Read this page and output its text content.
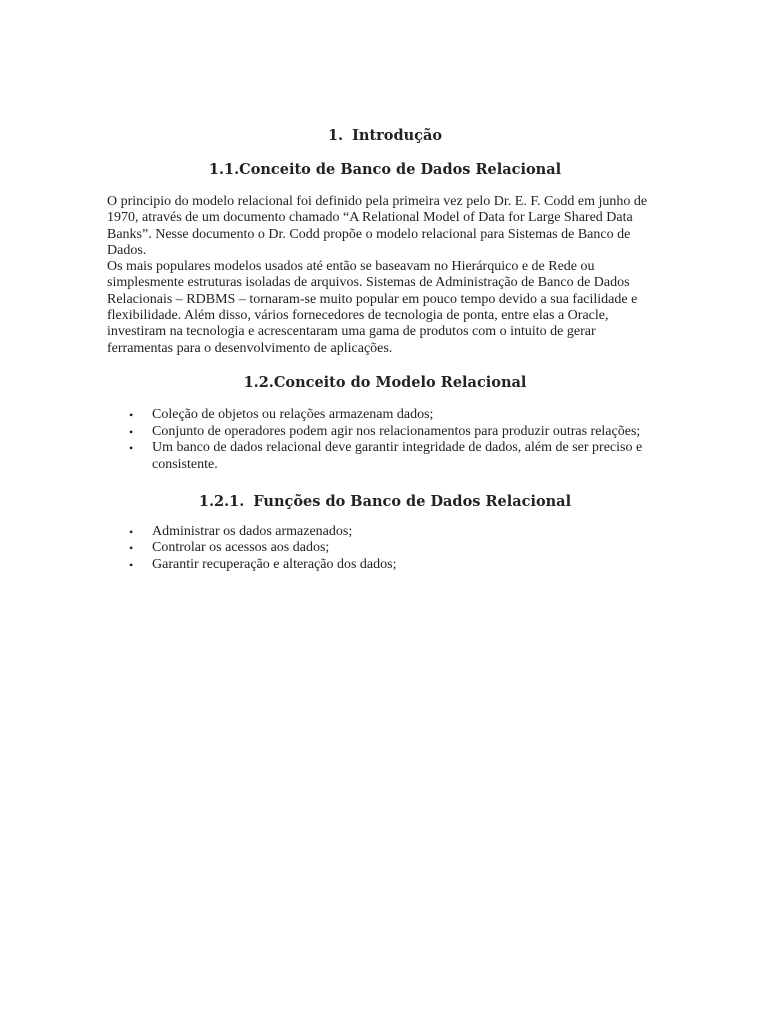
1. Introdução
1.1.Conceito de Banco de Dados Relacional

O principio do modelo relacional foi definido pela primeira vez pelo Dr. E. F. Codd em junho de 1970, através de um documento chamado “A Relational Model of Data for Large Shared Data Banks”. Nesse documento o Dr. Codd propõe o modelo relacional para Sistemas de Banco de Dados.

Os mais populares modelos usados até então se baseavam no Hierárquico e de Rede ou simplesmente estruturas isoladas de arquivos. Sistemas de Administração de Banco de Dados Relacionais – RDBMS – tornaram-se muito popular em pouco tempo devido a sua facilidade e flexibilidade. Além disso, vários fornecedores de tecnologia de ponta, entre elas a Oracle, investiram na tecnologia e acrescentaram uma gama de produtos com o intuito de gerar ferramentas para o desenvolvimento de aplicações.

1.2.Conceito do Modelo Relacional
• Coleção de objetos ou relações armazenam dados;
• Conjunto de operadores podem agir nos relacionamentos para produzir outras relações;
• Um banco de dados relacional deve garantir integridade de dados, além de ser preciso e consistente.
1.2.1. Funções do Banco de Dados Relacional
• Administrar os dados armazenados;
• Controlar os acessos aos dados;
• Garantir recuperação e alteração dos dados;
